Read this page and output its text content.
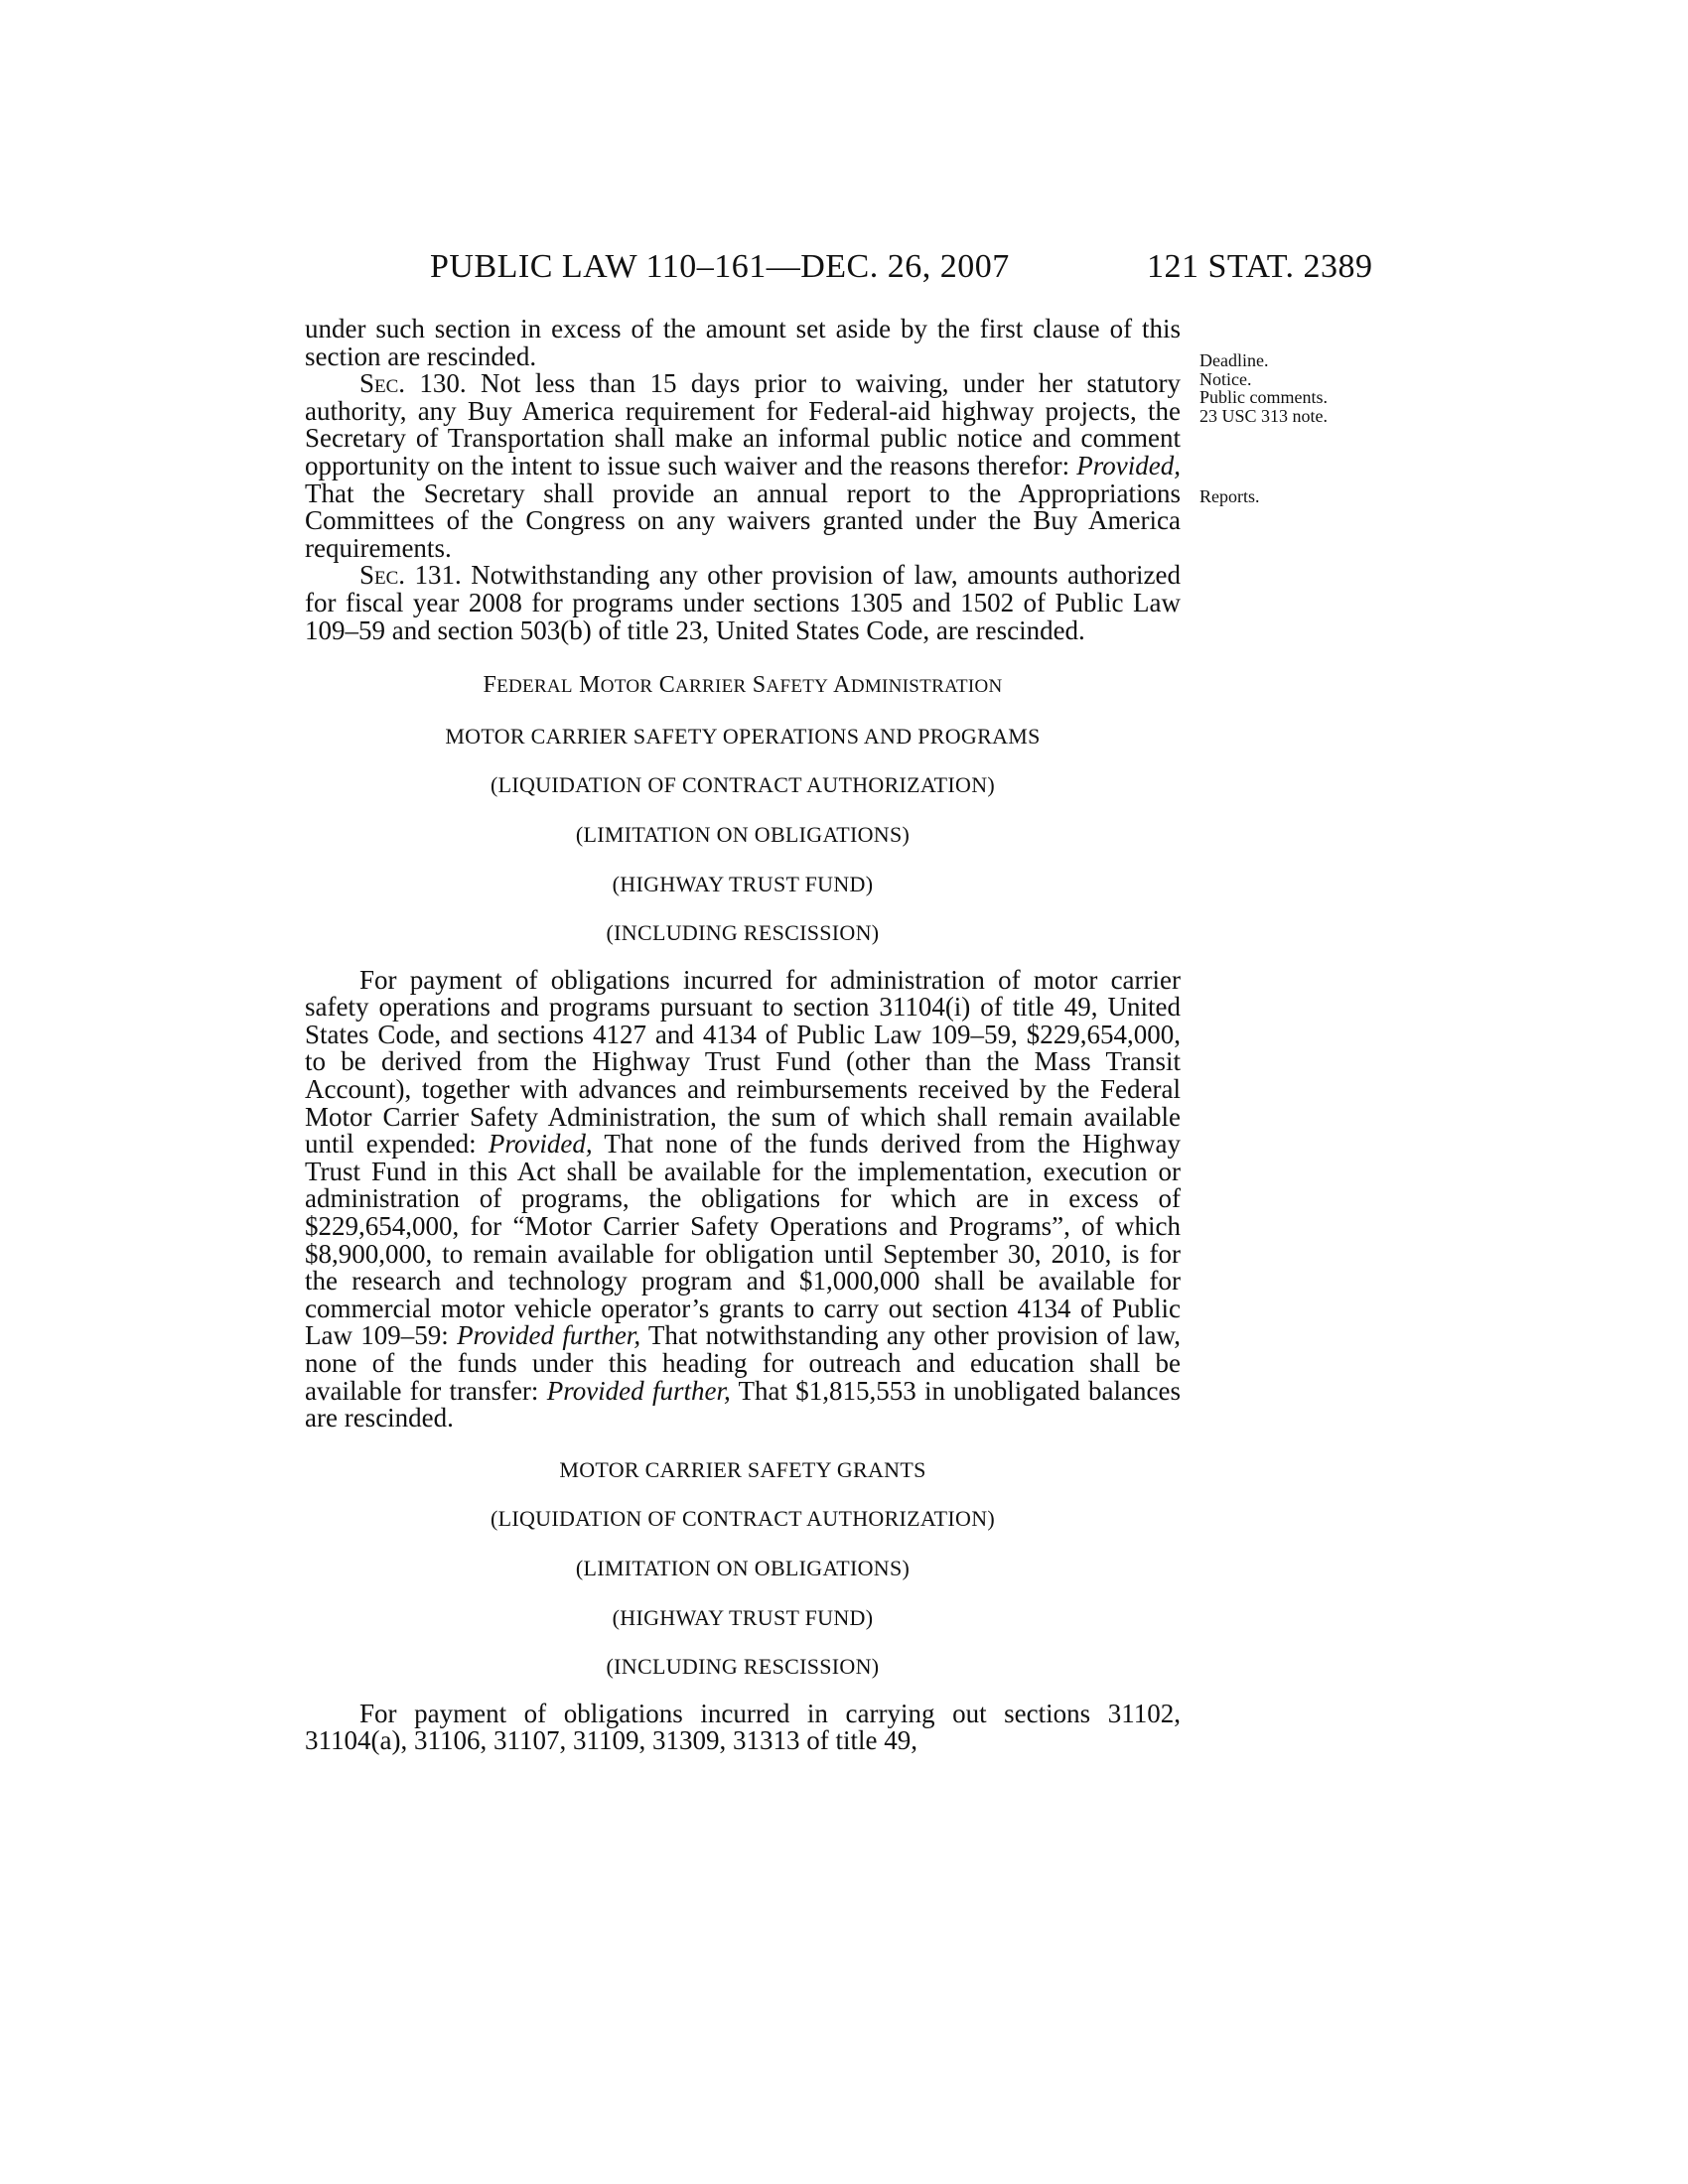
PUBLIC LAW 110–161—DEC. 26, 2007	121 STAT. 2389
Deadline.
Notice.
Public comments.
23 USC 313 note.
Reports.

under such section in excess of the amount set aside by the first clause of this section are rescinded.

Sec. 130. Not less than 15 days prior to waiving, under her statutory authority, any Buy America requirement for Federal-aid highway projects, the Secretary of Transportation shall make an informal public notice and comment opportunity on the intent to issue such waiver and the reasons therefor: Provided, That the Secretary shall provide an annual report to the Appropriations Committees of the Congress on any waivers granted under the Buy America requirements.

Sec. 131. Notwithstanding any other provision of law, amounts authorized for fiscal year 2008 for programs under sections 1305 and 1502 of Public Law 109–59 and section 503(b) of title 23, United States Code, are rescinded.

FEDERAL MOTOR CARRIER SAFETY ADMINISTRATION

MOTOR CARRIER SAFETY OPERATIONS AND PROGRAMS

(LIQUIDATION OF CONTRACT AUTHORIZATION)

(LIMITATION ON OBLIGATIONS)

(HIGHWAY TRUST FUND)

(INCLUDING RESCISSION)

For payment of obligations incurred for administration of motor carrier safety operations and programs pursuant to section 31104(i) of title 49, United States Code, and sections 4127 and 4134 of Public Law 109–59, $229,654,000, to be derived from the Highway Trust Fund (other than the Mass Transit Account), together with advances and reimbursements received by the Federal Motor Carrier Safety Administration, the sum of which shall remain available until expended: Provided, That none of the funds derived from the Highway Trust Fund in this Act shall be available for the implementation, execution or administration of programs, the obligations for which are in excess of $229,654,000, for “Motor Carrier Safety Operations and Programs”, of which $8,900,000, to remain available for obligation until September 30, 2010, is for the research and technology program and $1,000,000 shall be available for commercial motor vehicle operator’s grants to carry out section 4134 of Public Law 109–59: Provided further, That notwithstanding any other provision of law, none of the funds under this heading for outreach and education shall be available for transfer: Provided further, That $1,815,553 in unobligated balances are rescinded.

MOTOR CARRIER SAFETY GRANTS

(LIQUIDATION OF CONTRACT AUTHORIZATION)

(LIMITATION ON OBLIGATIONS)

(HIGHWAY TRUST FUND)

(INCLUDING RESCISSION)

For payment of obligations incurred in carrying out sections 31102, 31104(a), 31106, 31107, 31109, 31309, 31313 of title 49,
